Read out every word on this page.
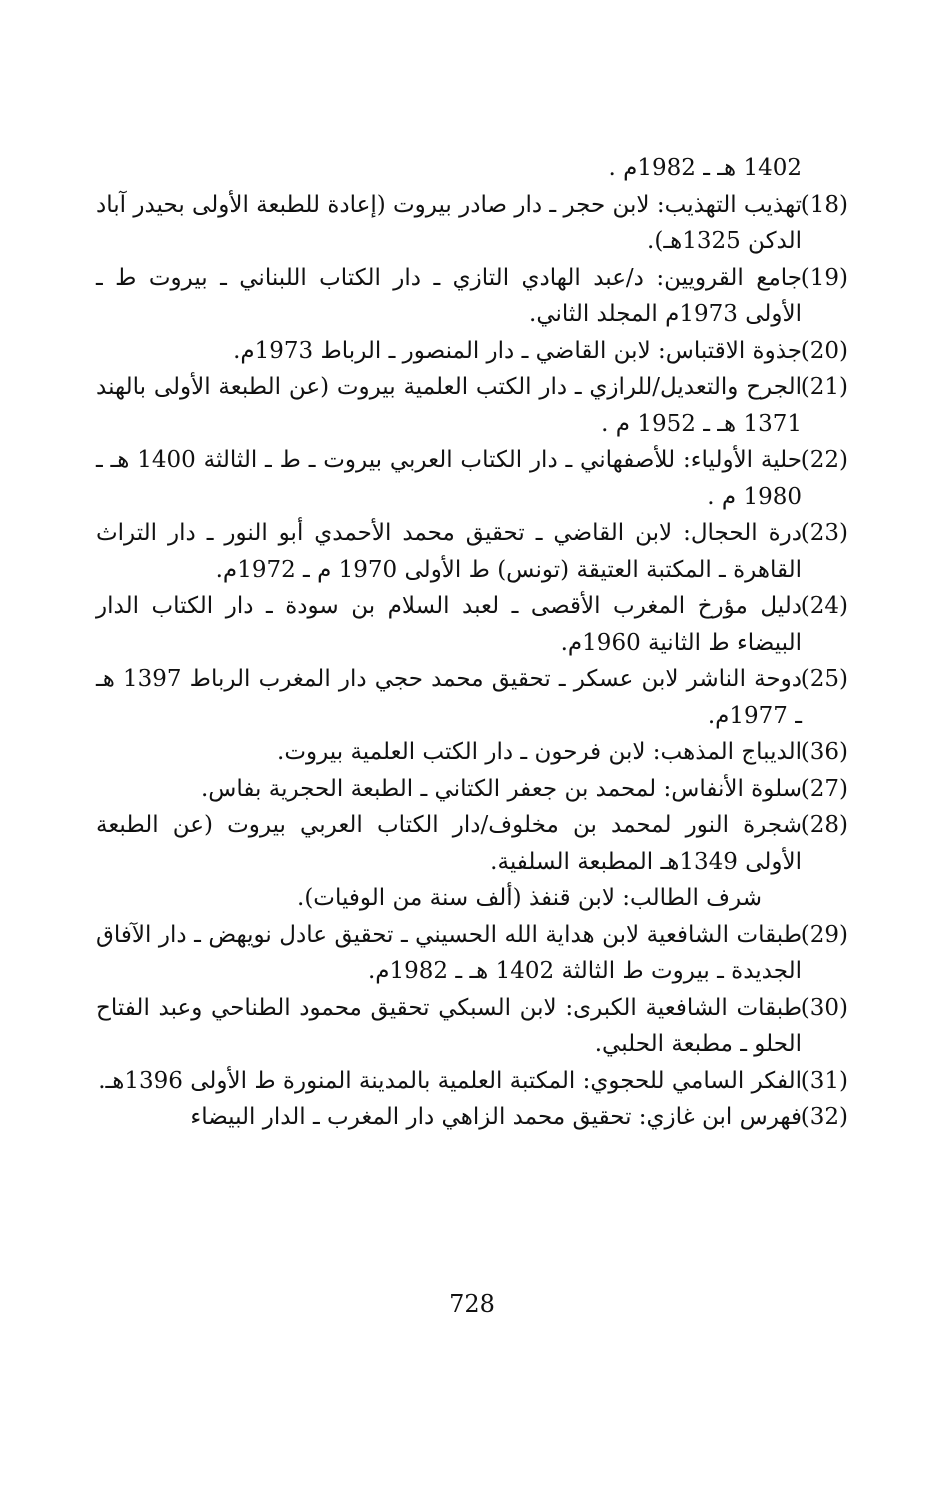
1402 هـ ـ 1982م .

(18)
تهذيب التهذيب: لابن حجر ـ دار صادر بيروت (إعادة للطبعة الأولى بحيدر آباد الدكن 1325هـ).
(19)
جامع القرويين: د/عبد الهادي التازي ـ دار الكتاب اللبناني ـ بيروت ط ـ الأولى 1973م المجلد الثاني.
(20)
جذوة الاقتباس: لابن القاضي ـ دار المنصور ـ الرباط 1973م.
(21)
الجرح والتعديل/للرازي ـ دار الكتب العلمية بيروت (عن الطبعة الأولى بالهند 1371 هـ ـ 1952 م .
(22)
حلية الأولياء: للأصفهاني ـ دار الكتاب العربي بيروت ـ ط ـ الثالثة 1400 هـ ـ 1980 م .
(23)
درة الحجال: لابن القاضي ـ تحقيق محمد الأحمدي أبو النور ـ دار التراث القاهرة ـ المكتبة العتيقة (تونس) ط الأولى 1970 م ـ 1972م.
(24)
دليل مؤرخ المغرب الأقصى ـ لعبد السلام بن سودة ـ دار الكتاب الدار البيضاء ط الثانية 1960م.
(25)
دوحة الناشر لابن عسكر ـ تحقيق محمد حجي دار المغرب الرباط 1397 هـ ـ 1977م.
(36)
الديباج المذهب: لابن فرحون ـ دار الكتب العلمية بيروت.
(27)
سلوة الأنفاس: لمحمد بن جعفر الكتاني ـ الطبعة الحجرية بفاس.
(28)
شجرة النور لمحمد بن مخلوف/دار الكتاب العربي بيروت (عن الطبعة الأولى 1349هـ المطبعة السلفية.

شرف الطالب: لابن قنفذ (ألف سنة من الوفيات).

(29)
طبقات الشافعية لابن هداية الله الحسيني ـ تحقيق عادل نويهض ـ دار الآفاق الجديدة ـ بيروت ط الثالثة 1402 هـ ـ 1982م.
(30)
طبقات الشافعية الكبرى: لابن السبكي تحقيق محمود الطناحي وعبد الفتاح الحلو ـ مطبعة الحلبي.
(31)
الفكر السامي للحجوي: المكتبة العلمية بالمدينة المنورة ط الأولى 1396هـ.
(32)
فهرس ابن غازي: تحقيق محمد الزاهي دار المغرب ـ الدار البيضاء
728
